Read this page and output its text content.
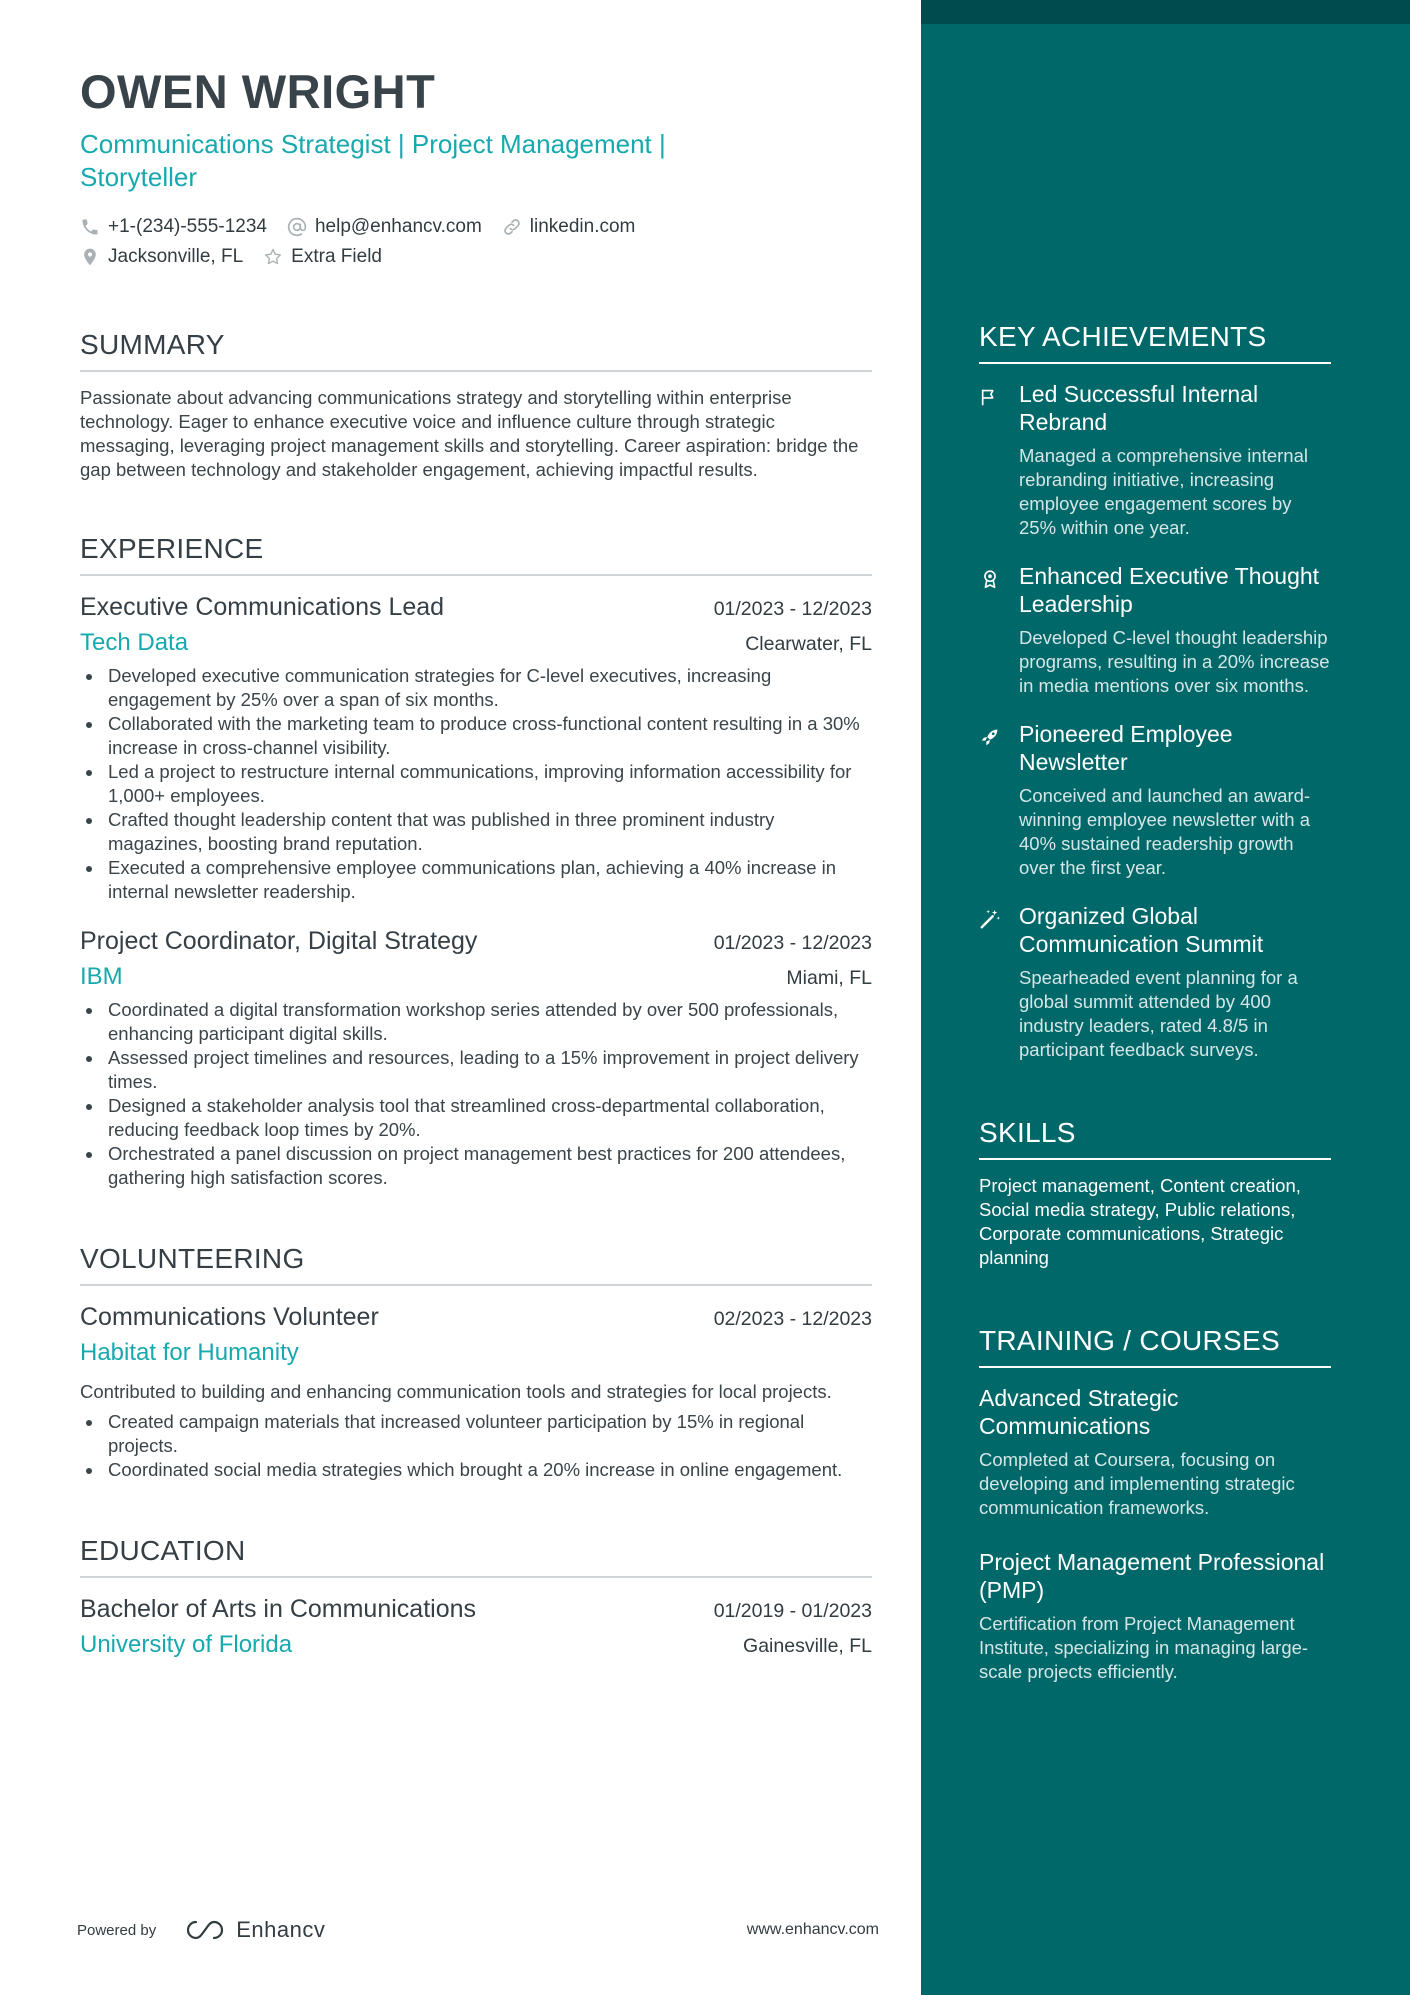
OWEN WRIGHT
Communications Strategist | Project Management | Storyteller
+1-(234)-555-1234	help@enhancv.com	linkedin.com
Jacksonville, FL	Extra Field
SUMMARY
Passionate about advancing communications strategy and storytelling within enterprise technology. Eager to enhance executive voice and influence culture through strategic messaging, leveraging project management skills and storytelling. Career aspiration: bridge the gap between technology and stakeholder engagement, achieving impactful results.
EXPERIENCE
Executive Communications Lead	01/2023 - 12/2023
Tech Data	Clearwater, FL
Developed executive communication strategies for C-level executives, increasing engagement by 25% over a span of six months.
Collaborated with the marketing team to produce cross-functional content resulting in a 30% increase in cross-channel visibility.
Led a project to restructure internal communications, improving information accessibility for 1,000+ employees.
Crafted thought leadership content that was published in three prominent industry magazines, boosting brand reputation.
Executed a comprehensive employee communications plan, achieving a 40% increase in internal newsletter readership.
Project Coordinator, Digital Strategy	01/2023 - 12/2023
IBM	Miami, FL
Coordinated a digital transformation workshop series attended by over 500 professionals, enhancing participant digital skills.
Assessed project timelines and resources, leading to a 15% improvement in project delivery times.
Designed a stakeholder analysis tool that streamlined cross-departmental collaboration, reducing feedback loop times by 20%.
Orchestrated a panel discussion on project management best practices for 200 attendees, gathering high satisfaction scores.
VOLUNTEERING
Communications Volunteer	02/2023 - 12/2023
Habitat for Humanity
Contributed to building and enhancing communication tools and strategies for local projects.
Created campaign materials that increased volunteer participation by 15% in regional projects.
Coordinated social media strategies which brought a 20% increase in online engagement.
EDUCATION
Bachelor of Arts in Communications	01/2019 - 01/2023
University of Florida	Gainesville, FL
KEY ACHIEVEMENTS
Led Successful Internal Rebrand
Managed a comprehensive internal rebranding initiative, increasing employee engagement scores by 25% within one year.
Enhanced Executive Thought Leadership
Developed C-level thought leadership programs, resulting in a 20% increase in media mentions over six months.
Pioneered Employee Newsletter
Conceived and launched an award-winning employee newsletter with a 40% sustained readership growth over the first year.
Organized Global Communication Summit
Spearheaded event planning for a global summit attended by 400 industry leaders, rated 4.8/5 in participant feedback surveys.
SKILLS
Project management, Content creation, Social media strategy, Public relations, Corporate communications, Strategic planning
TRAINING / COURSES
Advanced Strategic Communications
Completed at Coursera, focusing on developing and implementing strategic communication frameworks.
Project Management Professional (PMP)
Certification from Project Management Institute, specializing in managing large-scale projects efficiently.
Powered by	Enhancv	www.enhancv.com
